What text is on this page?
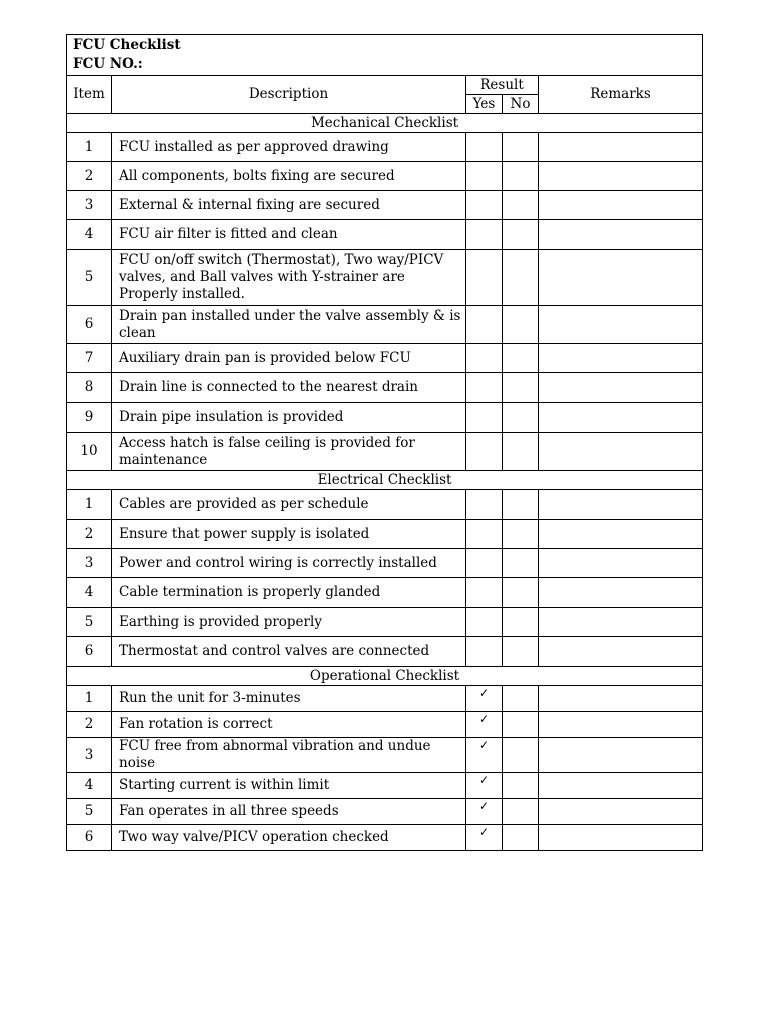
FCU Checklist
FCU NO.:				

Item	Description	Result		Remarks
		Yes	No	
Mechanical Checklist				
1	FCU installed as per approved drawing			
2	All components, bolts fixing are secured			
3	External & internal fixing are secured			
4	FCU air filter is fitted and clean			
5	FCU on/off switch (Thermostat), Two way/PICV valves, and Ball valves with Y-strainer are Properly installed.			
6	Drain pan installed under the valve assembly & is clean			
7	Auxiliary drain pan is provided below FCU			
8	Drain line is connected to the nearest drain			
9	Drain pipe insulation is provided			
10	Access hatch is false ceiling is provided for maintenance			
Electrical Checklist				
1	Cables are provided as per schedule			
2	Ensure that power supply is isolated			
3	Power and control wiring is correctly installed			
4	Cable termination is properly glanded			
5	Earthing is provided properly			
6	Thermostat and control valves are connected			
Operational Checklist				
1	Run the unit for 3-minutes	✓		
2	Fan rotation is correct	✓		
3	FCU free from abnormal vibration and undue noise	✓		
4	Starting current is within limit	✓		
5	Fan operates in all three speeds	✓		
6	Two way valve/PICV operation checked	✓		
